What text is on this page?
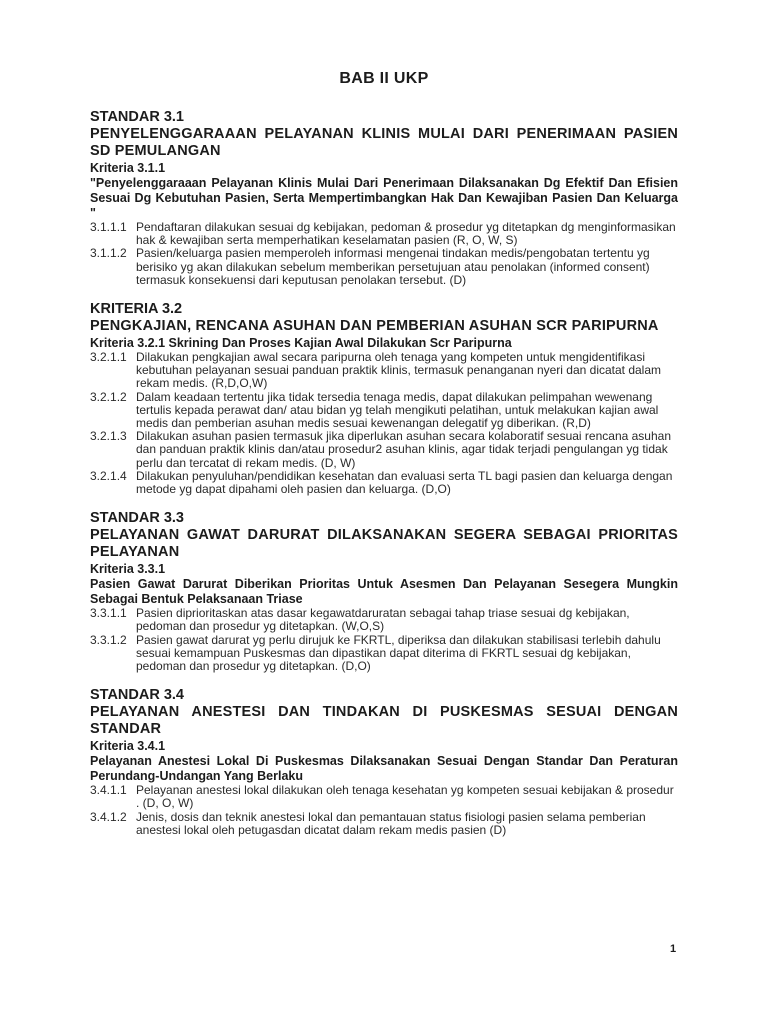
BAB II UKP
STANDAR 3.1
PENYELENGGARAAAN PELAYANAN KLINIS MULAI DARI PENERIMAAN PASIEN SD PEMULANGAN
Kriteria 3.1.1
"Penyelenggaraaan Pelayanan Klinis Mulai Dari Penerimaan Dilaksanakan Dg Efektif Dan Efisien Sesuai Dg Kebutuhan Pasien, Serta Mempertimbangkan Hak Dan Kewajiban Pasien Dan Keluarga "
3.1.1.1 Pendaftaran dilakukan sesuai dg kebijakan, pedoman & prosedur yg ditetapkan dg menginformasikan hak & kewajiban serta memperhatikan keselamatan pasien (R, O, W, S)
3.1.1.2 Pasien/keluarga pasien memperoleh informasi mengenai tindakan medis/pengobatan tertentu yg berisiko yg akan dilakukan sebelum memberikan persetujuan atau penolakan (informed consent) termasuk konsekuensi dari keputusan penolakan tersebut. (D)
KRITERIA 3.2
PENGKAJIAN, RENCANA ASUHAN DAN PEMBERIAN ASUHAN SCR PARIPURNA
Kriteria 3.2.1 Skrining Dan Proses Kajian Awal Dilakukan Scr Paripurna
3.2.1.1 Dilakukan pengkajian awal secara paripurna oleh tenaga yang kompeten untuk mengidentifikasi kebutuhan pelayanan sesuai panduan praktik klinis, termasuk penanganan nyeri dan dicatat dalam rekam medis. (R,D,O,W)
3.2.1.2 Dalam keadaan tertentu jika tidak tersedia tenaga medis, dapat dilakukan pelimpahan wewenang tertulis kepada perawat dan/ atau bidan yg telah mengikuti pelatihan, untuk melakukan kajian awal medis dan pemberian asuhan medis sesuai kewenangan delegatif yg diberikan. (R,D)
3.2.1.3 Dilakukan asuhan pasien termasuk jika diperlukan asuhan secara kolaboratif sesuai rencana asuhan dan panduan praktik klinis dan/atau prosedur2 asuhan klinis, agar tidak terjadi pengulangan yg tidak perlu dan tercatat di rekam medis. (D, W)
3.2.1.4 Dilakukan penyuluhan/pendidikan kesehatan dan evaluasi serta TL bagi pasien dan keluarga dengan metode yg dapat dipahami oleh pasien dan keluarga. (D,O)
STANDAR 3.3
PELAYANAN GAWAT DARURAT DILAKSANAKAN SEGERA SEBAGAI PRIORITAS PELAYANAN
Kriteria 3.3.1
Pasien Gawat Darurat Diberikan Prioritas Untuk Asesmen Dan Pelayanan Sesegera Mungkin Sebagai Bentuk Pelaksanaan Triase
3.3.1.1 Pasien diprioritaskan atas dasar kegawatdaruratan sebagai tahap triase sesuai dg kebijakan, pedoman dan prosedur yg ditetapkan. (W,O,S)
3.3.1.2 Pasien gawat darurat yg perlu dirujuk ke FKRTL, diperiksa dan dilakukan stabilisasi terlebih dahulu sesuai kemampuan Puskesmas dan dipastikan dapat diterima di FKRTL sesuai dg kebijakan, pedoman dan prosedur yg ditetapkan. (D,O)
STANDAR 3.4
PELAYANAN ANESTESI DAN TINDAKAN DI PUSKESMAS SESUAI DENGAN STANDAR
Kriteria 3.4.1
Pelayanan Anestesi Lokal Di Puskesmas Dilaksanakan Sesuai Dengan Standar Dan Peraturan Perundang-Undangan Yang Berlaku
3.4.1.1 Pelayanan anestesi lokal dilakukan oleh tenaga kesehatan yg kompeten sesuai kebijakan & prosedur . (D, O, W)
3.4.1.2 Jenis, dosis dan teknik anestesi lokal dan pemantauan status fisiologi pasien selama pemberian anestesi lokal oleh petugasdan dicatat dalam rekam medis pasien (D)
1
